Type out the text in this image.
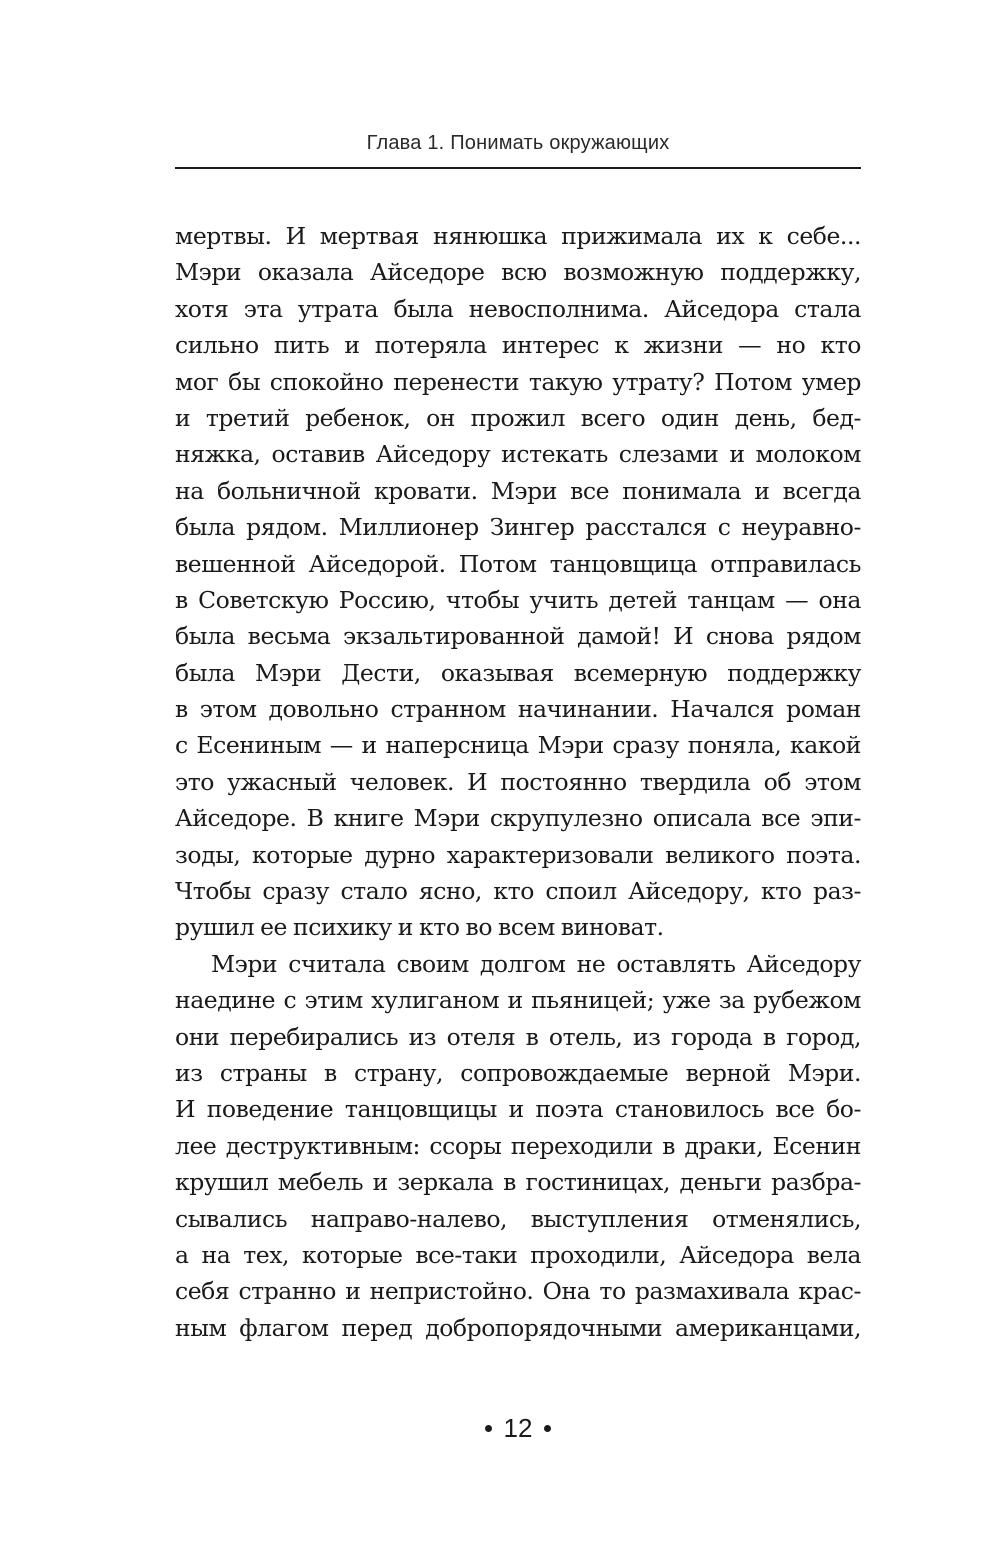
Глава 1. Понимать окружающих
мертвы. И мертвая нянюшка прижимала их к себе...
Мэри оказала Айседоре всю возможную поддержку,
хотя эта утрата была невосполнима. Айседора стала
сильно пить и потеряла интерес к жизни — но кто
мог бы спокойно перенести такую утрату? Потом умер
и третий ребенок, он прожил всего один день, бед-
няжка, оставив Айседору истекать слезами и молоком
на больничной кровати. Мэри все понимала и всегда
была рядом. Миллионер Зингер расстался с неуравно-
вешенной Айседорой. Потом танцовщица отправилась
в Советскую Россию, чтобы учить детей танцам — она
была весьма экзальтированной дамой! И снова рядом
была Мэри Дести, оказывая всемерную поддержку
в этом довольно странном начинании. Начался роман
с Есениным — и наперсница Мэри сразу поняла, какой
это ужасный человек. И постоянно твердила об этом
Айседоре. В книге Мэри скрупулезно описала все эпи-
зоды, которые дурно характеризовали великого поэта.
Чтобы сразу стало ясно, кто споил Айседору, кто раз-
рушил ее психику и кто во всем виноват.
Мэри считала своим долгом не оставлять Айседору
наедине с этим хулиганом и пьяницей; уже за рубежом
они перебирались из отеля в отель, из города в город,
из страны в страну, сопровождаемые верной Мэри.
И поведение танцовщицы и поэта становилось все бо-
лее деструктивным: ссоры переходили в драки, Есенин
крушил мебель и зеркала в гостиницах, деньги разбра-
сывались направо-налево, выступления отменялись,
а на тех, которые все-таки проходили, Айседора вела
себя странно и непристойно. Она то размахивала крас-
ным флагом перед добропорядочными американцами,
12
